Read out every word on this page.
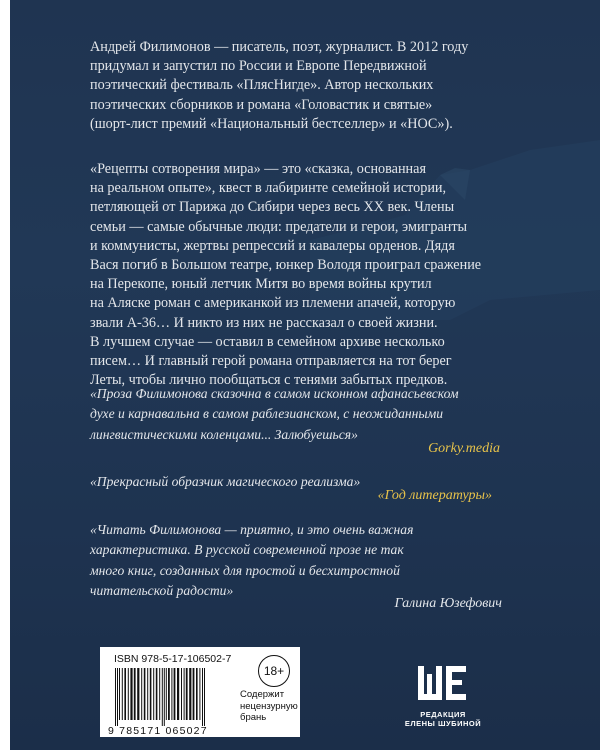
Андрей Филимонов — писатель, поэт, журналист. В 2012 году

придумал и запустил по России и Европе Передвижной

поэтический фестиваль «ПлясНигде». Автор нескольких

поэтических сборников и романа «Головастик и святые»

(шорт-лист премий «Национальный бестселлер» и «НОС»).

«Рецепты сотворения мира» — это «сказка, основанная

на реальном опыте», квест в лабиринте семейной истории,

петляющей от Парижа до Сибири через весь XX век. Члены

семьи — самые обычные люди: предатели и герои, эмигранты

и коммунисты, жертвы репрессий и кавалеры орденов. Дядя

Вася погиб в Большом театре, юнкер Володя проиграл сражение

на Перекопе, юный летчик Митя во время войны крутил

на Аляске роман с американкой из племени апачей, которую

звали А-36… И никто из них не рассказал о своей жизни.

В лучшем случае — оставил в семейном архиве несколько

писем… И главный герой романа отправляется на тот берег

Леты, чтобы лично пообщаться с тенями забытых предков.

«Проза Филимонова сказочна в самом исконном афанасьевском
духе и карнавальна в самом раблезианском, с неожиданными
лингвистическими коленцами... Залюбуешься»
Gorky.media
«Прекрасный образчик магического реализма»
«Год литературы»
«Читать Филимонова — приятно, и это очень важная
характеристика. В русской современной прозе не так
много книг, созданных для простой и бесхитростной
читательской радости»
Галина Юзефович
ISBN 978-5-17-106502-7
9 785171 065027
18+
Содержит
нецензурную
брань	РЕДАКЦИЯ
ЕЛЕНЫ ШУБИНОЙ
